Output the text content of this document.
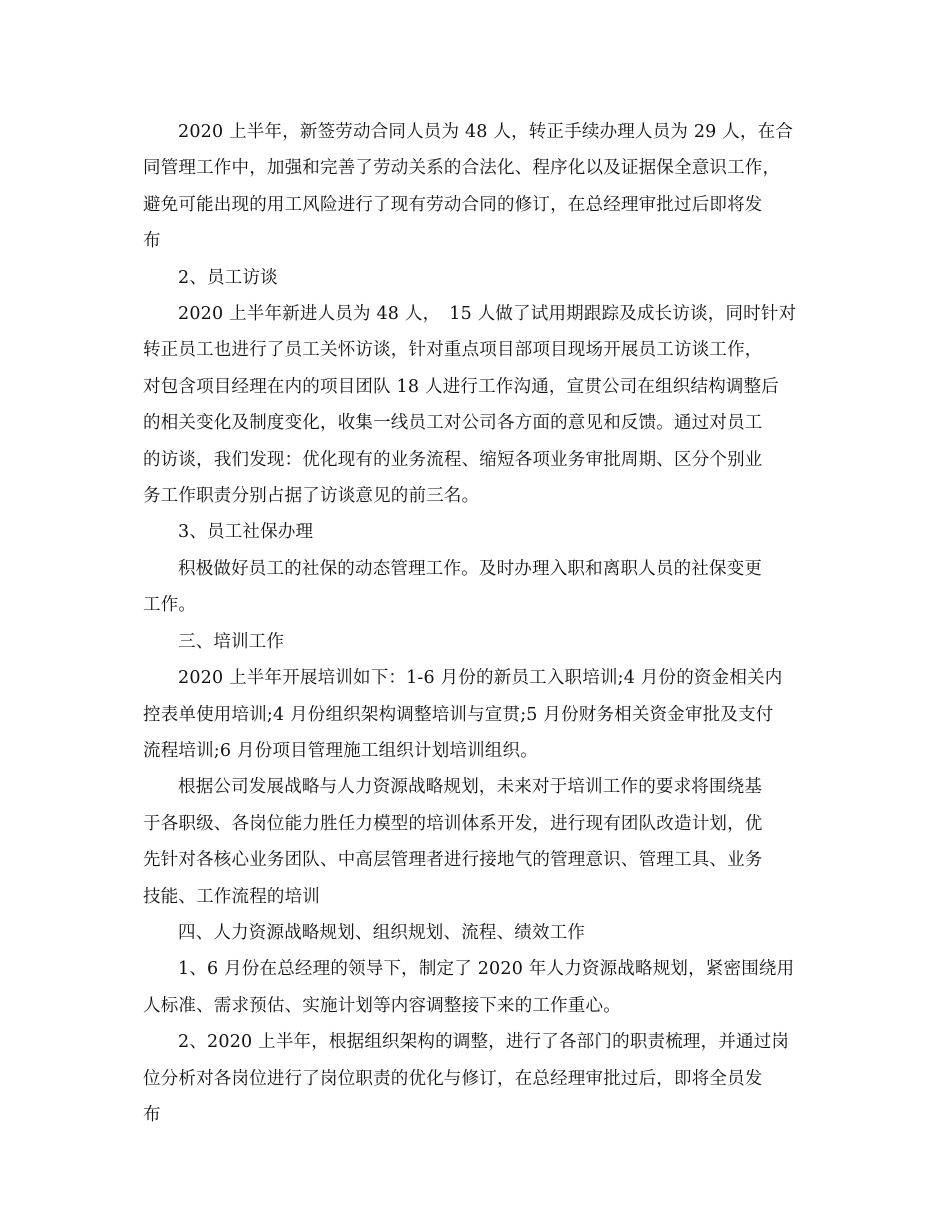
2020 上半年，新签劳动合同人员为 48 人，转正手续办理人员为 29 人，在合
同管理工作中，加强和完善了劳动关系的合法化、程序化以及证据保全意识工作，
避免可能出现的用工风险进行了现有劳动合同的修订，在总经理审批过后即将发
布
2、员工访谈
2020 上半年新进人员为 48 人，　15 人做了试用期跟踪及成长访谈，同时针对
转正员工也进行了员工关怀访谈，针对重点项目部项目现场开展员工访谈工作，
对包含项目经理在内的项目团队 18 人进行工作沟通，宣贯公司在组织结构调整后
的相关变化及制度变化，收集一线员工对公司各方面的意见和反馈。通过对员工
的访谈，我们发现：优化现有的业务流程、缩短各项业务审批周期、区分个别业
务工作职责分别占据了访谈意见的前三名。
3、员工社保办理
积极做好员工的社保的动态管理工作。及时办理入职和离职人员的社保变更
工作。
三、培训工作
2020 上半年开展培训如下：1-6 月份的新员工入职培训;4 月份的资金相关内
控表单使用培训;4 月份组织架构调整培训与宣贯;5 月份财务相关资金审批及支付
流程培训;6 月份项目管理施工组织计划培训组织。
根据公司发展战略与人力资源战略规划，未来对于培训工作的要求将围绕基
于各职级、各岗位能力胜任力模型的培训体系开发，进行现有团队改造计划，优
先针对各核心业务团队、中高层管理者进行接地气的管理意识、管理工具、业务
技能、工作流程的培训
四、人力资源战略规划、组织规划、流程、绩效工作
1、6 月份在总经理的领导下，制定了 2020 年人力资源战略规划，紧密围绕用
人标准、需求预估、实施计划等内容调整接下来的工作重心。
2、2020 上半年，根据组织架构的调整，进行了各部门的职责梳理，并通过岗
位分析对各岗位进行了岗位职责的优化与修订，在总经理审批过后，即将全员发
布
